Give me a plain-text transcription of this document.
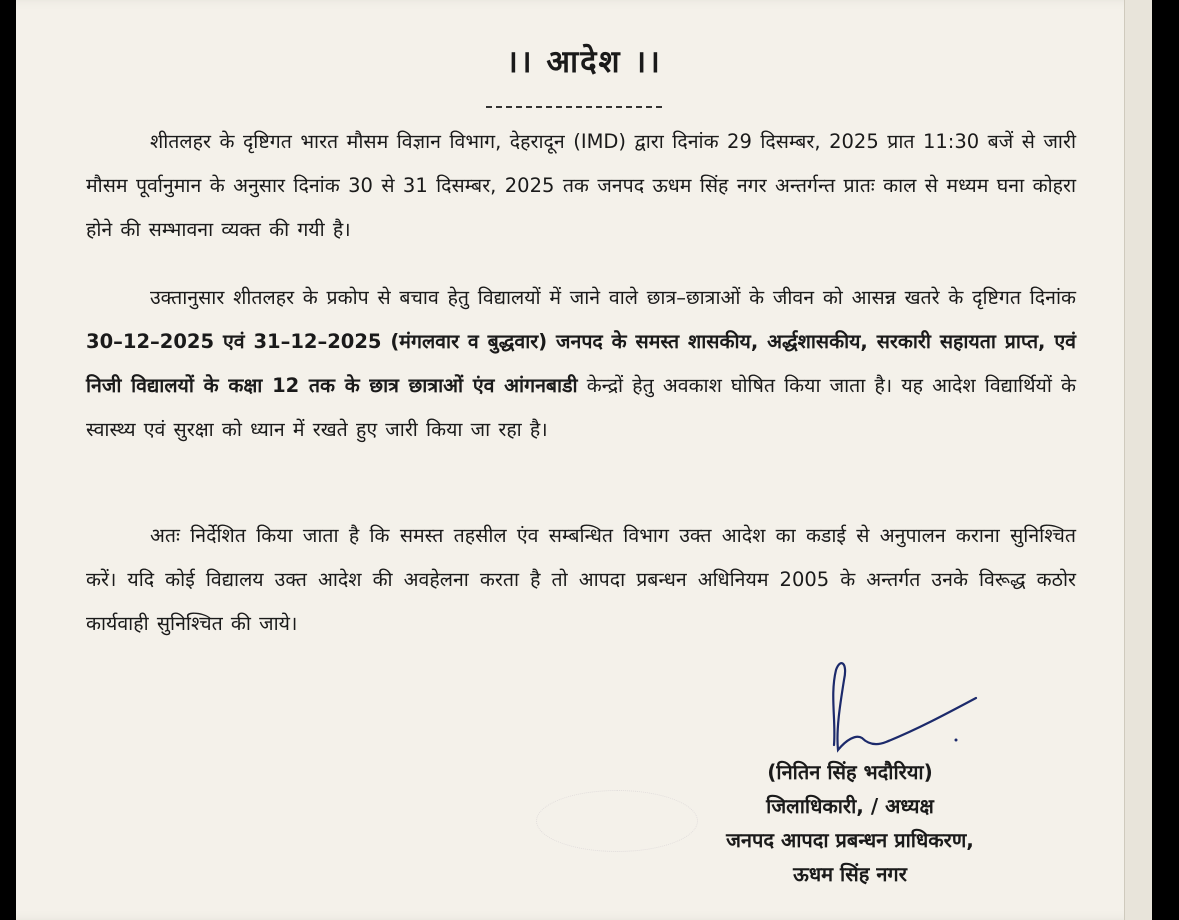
।। आदेश ।।
शीतलहर के दृष्टिगत भारत मौसम विज्ञान विभाग, देहरादून (IMD) द्वारा दिनांक 29 दिसम्बर, 2025 प्रात 11:30 बजें से जारी मौसम पूर्वानुमान के अनुसार दिनांक 30 से 31 दिसम्बर, 2025 तक जनपद ऊधम सिंह नगर अन्तर्गन्त प्रातः काल से मध्यम घना कोहरा होने की सम्भावना व्यक्त की गयी है।
उक्तानुसार शीतलहर के प्रकोप से बचाव हेतु विद्यालयों में जाने वाले छात्र–छात्राओं के जीवन को आसन्न खतरे के दृष्टिगत दिनांक 30–12–2025 एवं 31–12–2025 (मंगलवार व बुद्धवार) जनपद के समस्त शासकीय, अर्द्धशासकीय, सरकारी सहायता प्राप्त, एवं निजी विद्यालयों के कक्षा 12 तक के छात्र छात्राओं एंव आंगनबाडी केन्द्रों हेतु अवकाश घोषित किया जाता है। यह आदेश विद्यार्थियों के स्वास्थ्य एवं सुरक्षा को ध्यान में रखते हुए जारी किया जा रहा है।
अतः निर्देशित किया जाता है कि समस्त तहसील एंव सम्बन्धित विभाग उक्त आदेश का कडाई से अनुपालन कराना सुनिश्चित करें। यदि कोई विद्यालय उक्त आदेश की अवहेलना करता है तो आपदा प्रबन्धन अधिनियम 2005 के अन्तर्गत उनके विरूद्ध कठोर कार्यवाही सुनिश्चित की जाये।
(नितिन सिंह भदौरिया)
जिलाधिकारी, / अध्यक्ष
जनपद आपदा प्रबन्धन प्राधिकरण,
ऊधम सिंह नगर
